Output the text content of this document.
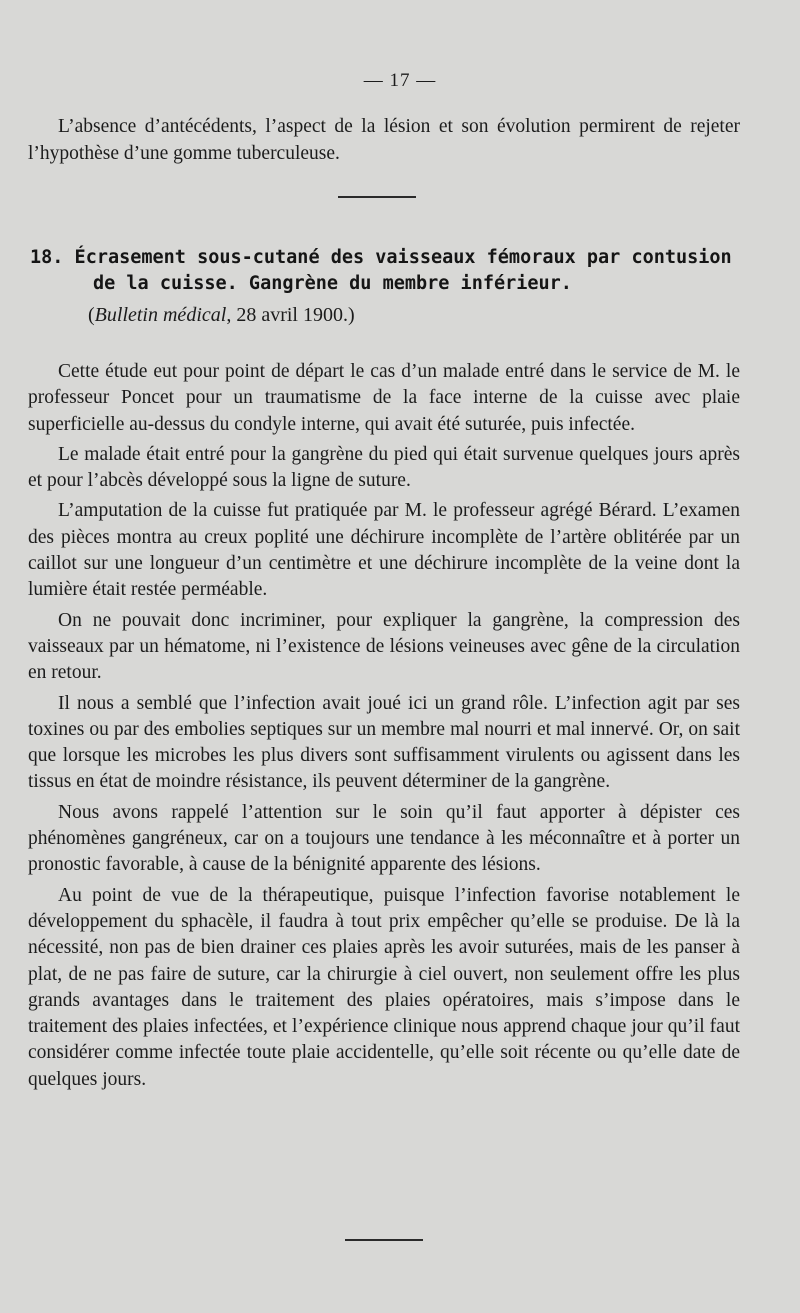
— 17 —

L’absence d’antécédents, l’aspect de la lésion et son évolution permirent de rejeter l’hypothèse d’une gomme tuberculeuse.

18. Écrasement sous-cutané des vaisseaux fémoraux par contusion
de la cuisse. Gangrène du membre inférieur.
(Bulletin médical, 28 avril 1900.)

Cette étude eut pour point de départ le cas d’un malade entré dans le service de M. le professeur Poncet pour un traumatisme de la face interne de la cuisse avec plaie superficielle au-dessus du condyle interne, qui avait été suturée, puis infectée.

Le malade était entré pour la gangrène du pied qui était survenue quelques jours après et pour l’abcès développé sous la ligne de suture.

L’amputation de la cuisse fut pratiquée par M. le professeur agrégé Bérard. L’examen des pièces montra au creux poplité une déchirure incomplète de l’artère oblitérée par un caillot sur une longueur d’un centimètre et une déchirure incomplète de la veine dont la lumière était restée perméable.

On ne pouvait donc incriminer, pour expliquer la gangrène, la compression des vaisseaux par un hématome, ni l’existence de lésions veineuses avec gêne de la circulation en retour.

Il nous a semblé que l’infection avait joué ici un grand rôle. L’infection agit par ses toxines ou par des embolies septiques sur un membre mal nourri et mal innervé. Or, on sait que lorsque les microbes les plus divers sont suffisamment virulents ou agissent dans les tissus en état de moindre résistance, ils peuvent déterminer de la gangrène.

Nous avons rappelé l’attention sur le soin qu’il faut apporter à dépister ces phénomènes gangréneux, car on a toujours une tendance à les méconnaître et à porter un pronostic favorable, à cause de la bénignité apparente des lésions.

Au point de vue de la thérapeutique, puisque l’infection favorise notablement le développement du sphacèle, il faudra à tout prix empêcher qu’elle se produise. De là la nécessité, non pas de bien drainer ces plaies après les avoir suturées, mais de les panser à plat, de ne pas faire de suture, car la chirurgie à ciel ouvert, non seulement offre les plus grands avantages dans le traitement des plaies opératoires, mais s’impose dans le traitement des plaies infectées, et l’expérience clinique nous apprend chaque jour qu’il faut considérer comme infectée toute plaie accidentelle, qu’elle soit récente ou qu’elle date de quelques jours.
